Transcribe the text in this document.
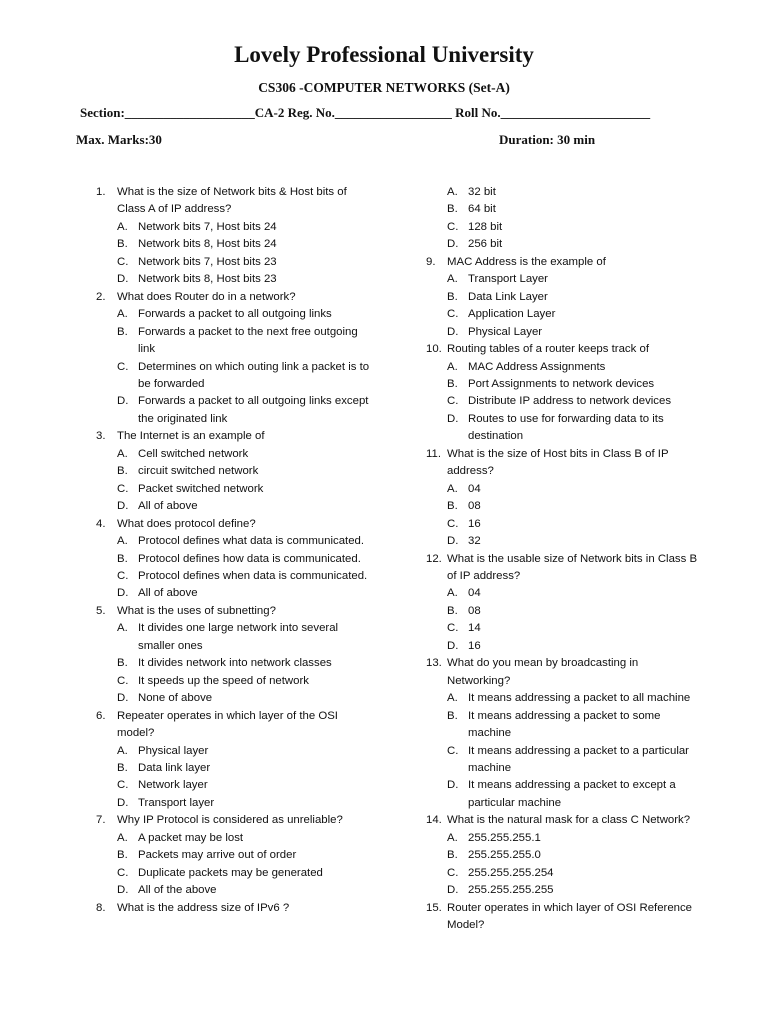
Lovely Professional University
CS306 -COMPUTER NETWORKS (Set-A)
Section:____________________CA-2 Reg. No.__________________ Roll No._______________________
Max. Marks:30	Duration: 30 min
1. What is the size of Network bits & Host bits of Class A of IP address?
A. Network bits 7, Host bits 24
B. Network bits 8, Host bits 24
C. Network bits 7, Host bits 23
D. Network bits 8, Host bits 23
2. What does Router do in a network?
A. Forwards a packet to all outgoing links
B. Forwards a packet to the next free outgoing link
C. Determines on which outing link a packet is to be forwarded
D. Forwards a packet to all outgoing links except the originated link
3. The Internet is an example of
A. Cell switched network
B. circuit switched network
C. Packet switched network
D. All of above
4. What does protocol define?
A. Protocol defines what data is communicated.
B. Protocol defines how data is communicated.
C. Protocol defines when data is communicated.
D. All of above
5. What is the uses of subnetting?
A. It divides one large network into several smaller ones
B. It divides network into network classes
C. It speeds up the speed of network
D. None of above
6. Repeater operates in which layer of the OSI model?
A. Physical layer
B. Data link layer
C. Network layer
D. Transport layer
7. Why IP Protocol is considered as unreliable?
A. A packet may be lost
B. Packets may arrive out of order
C. Duplicate packets may be generated
D. All of the above
8. What is the address size of IPv6 ?
A. 32 bit
B. 64 bit
C. 128 bit
D. 256 bit
9. MAC Address is the example of
A. Transport Layer
B. Data Link Layer
C. Application Layer
D. Physical Layer
10. Routing tables of a router keeps track of
A. MAC Address Assignments
B. Port Assignments to network devices
C. Distribute IP address to network devices
D. Routes to use for forwarding data to its destination
11. What is the size of Host bits in Class B of IP address?
A. 04
B. 08
C. 16
D. 32
12. What is the usable size of Network bits in Class B of IP address?
A. 04
B. 08
C. 14
D. 16
13. What do you mean by broadcasting in Networking?
A. It means addressing a packet to all machine
B. It means addressing a packet to some machine
C. It means addressing a packet to a particular machine
D. It means addressing a packet to except a particular machine
14. What is the natural mask for a class C Network?
A. 255.255.255.1
B. 255.255.255.0
C. 255.255.255.254
D. 255.255.255.255
15. Router operates in which layer of OSI Reference Model?
